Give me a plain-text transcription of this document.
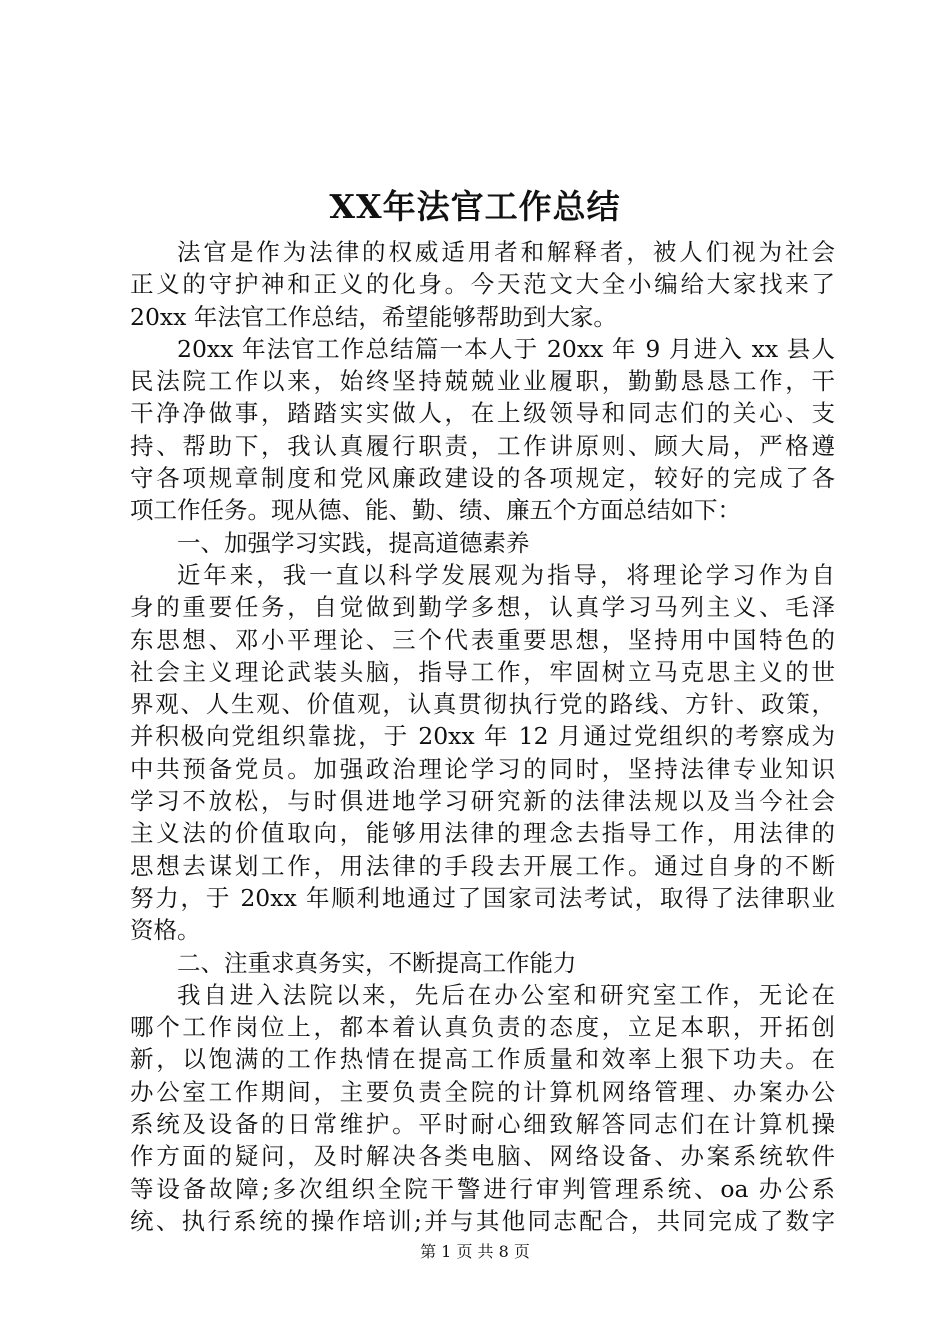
XX年法官工作总结
法官是作为法律的权威适用者和解释者，被人们视为社会
正义的守护神和正义的化身。今天范文大全小编给大家找来了
20xx 年法官工作总结，希望能够帮助到大家。
20xx 年法官工作总结篇一本人于 20xx 年 9 月进入 xx 县人
民法院工作以来，始终坚持兢兢业业履职，勤勤恳恳工作，干
干净净做事，踏踏实实做人，在上级领导和同志们的关心、支
持、帮助下，我认真履行职责，工作讲原则、顾大局，严格遵
守各项规章制度和党风廉政建设的各项规定，较好的完成了各
项工作任务。现从德、能、勤、绩、廉五个方面总结如下：
一、加强学习实践，提高道德素养
近年来，我一直以科学发展观为指导，将理论学习作为自
身的重要任务，自觉做到勤学多想，认真学习马列主义、毛泽
东思想、邓小平理论、三个代表重要思想，坚持用中国特色的
社会主义理论武装头脑，指导工作，牢固树立马克思主义的世
界观、人生观、价值观，认真贯彻执行党的路线、方针、政策，
并积极向党组织靠拢，于 20xx 年 12 月通过党组织的考察成为
中共预备党员。加强政治理论学习的同时，坚持法律专业知识
学习不放松，与时俱进地学习研究新的法律法规以及当今社会
主义法的价值取向，能够用法律的理念去指导工作，用法律的
思想去谋划工作，用法律的手段去开展工作。通过自身的不断
努力，于 20xx 年顺利地通过了国家司法考试，取得了法律职业
资格。
二、注重求真务实，不断提高工作能力
我自进入法院以来，先后在办公室和研究室工作，无论在
哪个工作岗位上，都本着认真负责的态度，立足本职，开拓创
新，以饱满的工作热情在提高工作质量和效率上狠下功夫。在
办公室工作期间，主要负责全院的计算机网络管理、办案办公
系统及设备的日常维护。平时耐心细致解答同志们在计算机操
作方面的疑问，及时解决各类电脑、网络设备、办案系统软件
等设备故障;多次组织全院干警进行审判管理系统、oa 办公系
统、执行系统的操作培训;并与其他同志配合，共同完成了数字
第 1 页 共 8 页
